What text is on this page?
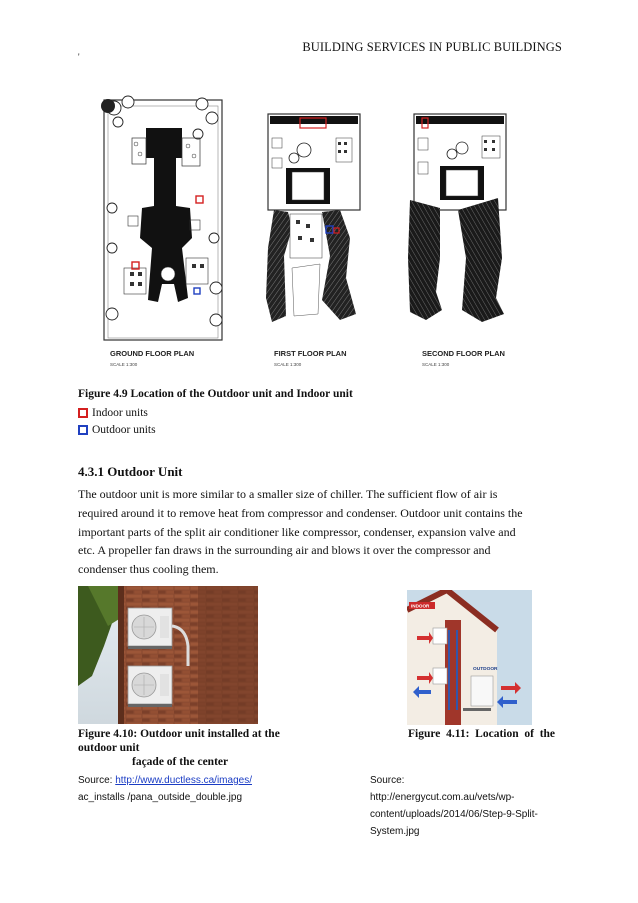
BUILDING SERVICES IN PUBLIC BUILDINGS
'
GROUND FLOOR PLAN
SCALE 1:300
FIRST FLOOR PLAN
SCALE 1:300
SECOND FLOOR PLAN
SCALE 1:300
Figure 4.9 Location of the Outdoor unit and Indoor unit
Indoor units
Outdoor units
4.3.1 Outdoor Unit
The outdoor unit is more similar to a smaller size of chiller. The sufficient flow of air is
required around it to remove heat from compressor and condenser. Outdoor unit contains the
important parts of the split air conditioner like compressor, condenser, expansion valve and
etc. A propeller fan draws in the surrounding air and blows it over the compressor and
condenser thus cooling them.
INDOOR
OUTDOOR
Figure 4.10: Outdoor unit installed at the
outdoor unit
façade of the center
Figure  4.11:  Location  of  the
Source: http://www.ductless.ca/images/
ac_installs /pana_outside_double.jpg
Source:
http://energycut.com.au/vets/wp-
content/uploads/2014/06/Step-9-Split-
System.jpg
